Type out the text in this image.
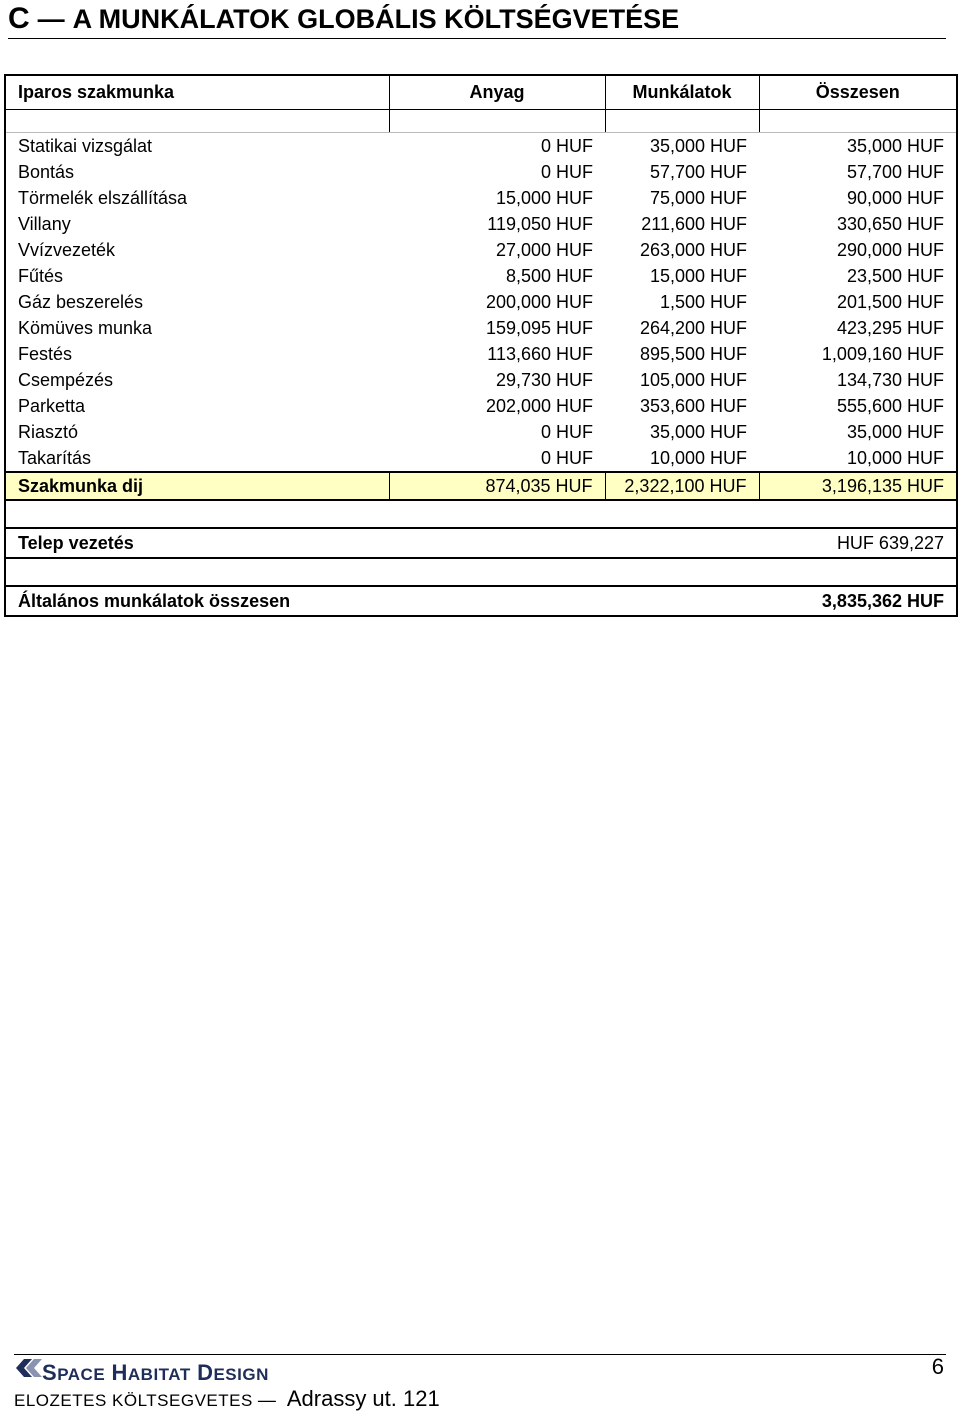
C — A MUNKÁLATOK GLOBÁLIS KÖLTSÉGVETÉSE
Iparos szakmunka	Anyag	Munkálatok	Összesen

Statikai vizsgálat	0 HUF	35,000 HUF	35,000 HUF
Bontás	0 HUF	57,700 HUF	57,700 HUF
Törmelék elszállítása	15,000 HUF	75,000 HUF	90,000 HUF
Villany	119,050 HUF	211,600 HUF	330,650 HUF
Vvízvezeték	27,000 HUF	263,000 HUF	290,000 HUF
Fűtés	8,500 HUF	15,000 HUF	23,500 HUF
Gáz beszerelés	200,000 HUF	1,500 HUF	201,500 HUF
Kömüves munka	159,095 HUF	264,200 HUF	423,295 HUF
Festés	113,660 HUF	895,500 HUF	1,009,160 HUF
Csempézés	29,730 HUF	105,000 HUF	134,730 HUF
Parketta	202,000 HUF	353,600 HUF	555,600 HUF
Riasztó	0 HUF	35,000 HUF	35,000 HUF
Takarítás	0 HUF	10,000 HUF	10,000 HUF
Szakmunka dij	874,035 HUF	2,322,100 HUF	3,196,135 HUF

Telep vezetés		HUF 639,227	

Általános munkálatok összesen		3,835,362 HUF	
SPACE HABITAT DESIGN
ELOZETES KÖLTSEGVETES — Adrassy ut. 121
6
